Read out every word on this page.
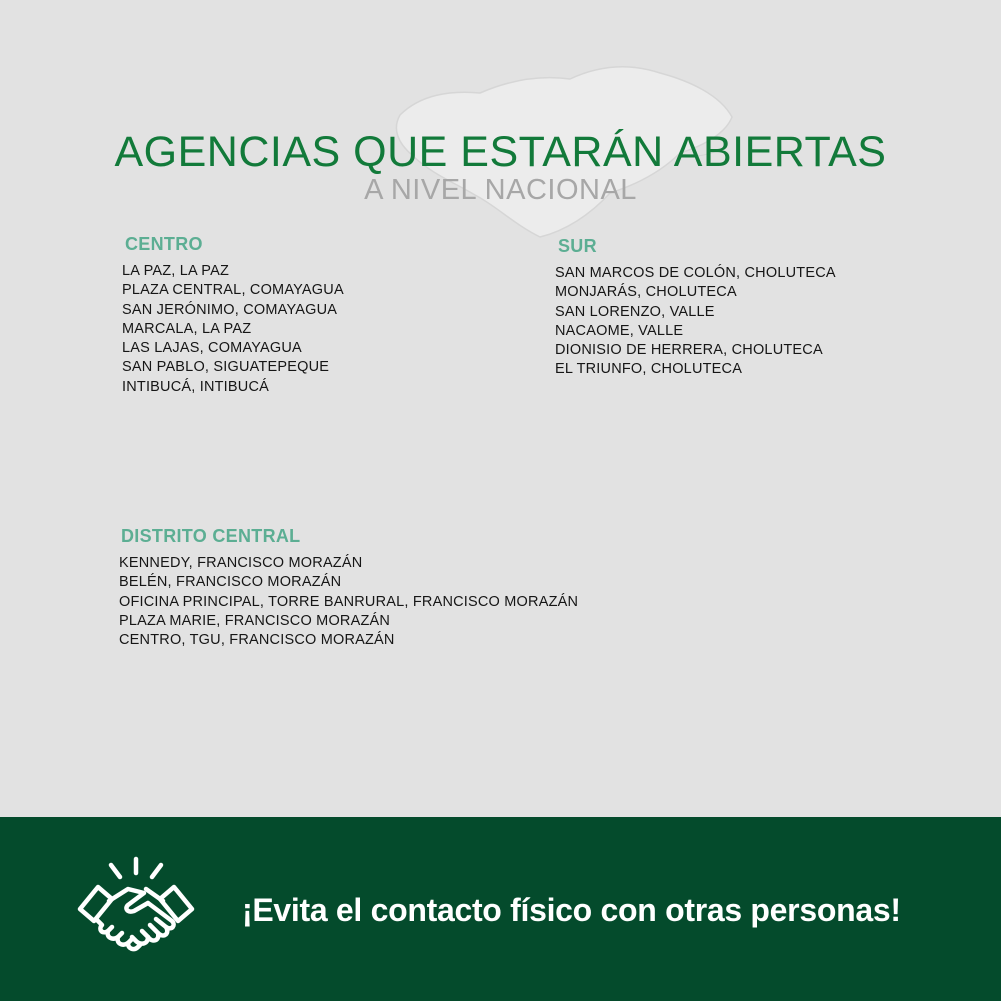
AGENCIAS QUE ESTARÁN ABIERTAS
A NIVEL NACIONAL
CENTRO
LA PAZ, LA PAZ
PLAZA CENTRAL, COMAYAGUA
SAN JERÓNIMO, COMAYAGUA
MARCALA, LA PAZ
LAS LAJAS, COMAYAGUA
SAN PABLO, SIGUATEPEQUE
INTIBUCÁ, INTIBUCÁ
SUR
SAN MARCOS DE COLÓN, CHOLUTECA
MONJARÁS, CHOLUTECA
SAN LORENZO, VALLE
NACAOME, VALLE
DIONISIO DE HERRERA, CHOLUTECA
EL TRIUNFO, CHOLUTECA
DISTRITO CENTRAL
KENNEDY, FRANCISCO MORAZÁN
BELÉN, FRANCISCO MORAZÁN
OFICINA PRINCIPAL, TORRE BANRURAL, FRANCISCO MORAZÁN
PLAZA MARIE, FRANCISCO MORAZÁN
CENTRO, TGU, FRANCISCO MORAZÁN
¡Evita el contacto físico con otras personas!
